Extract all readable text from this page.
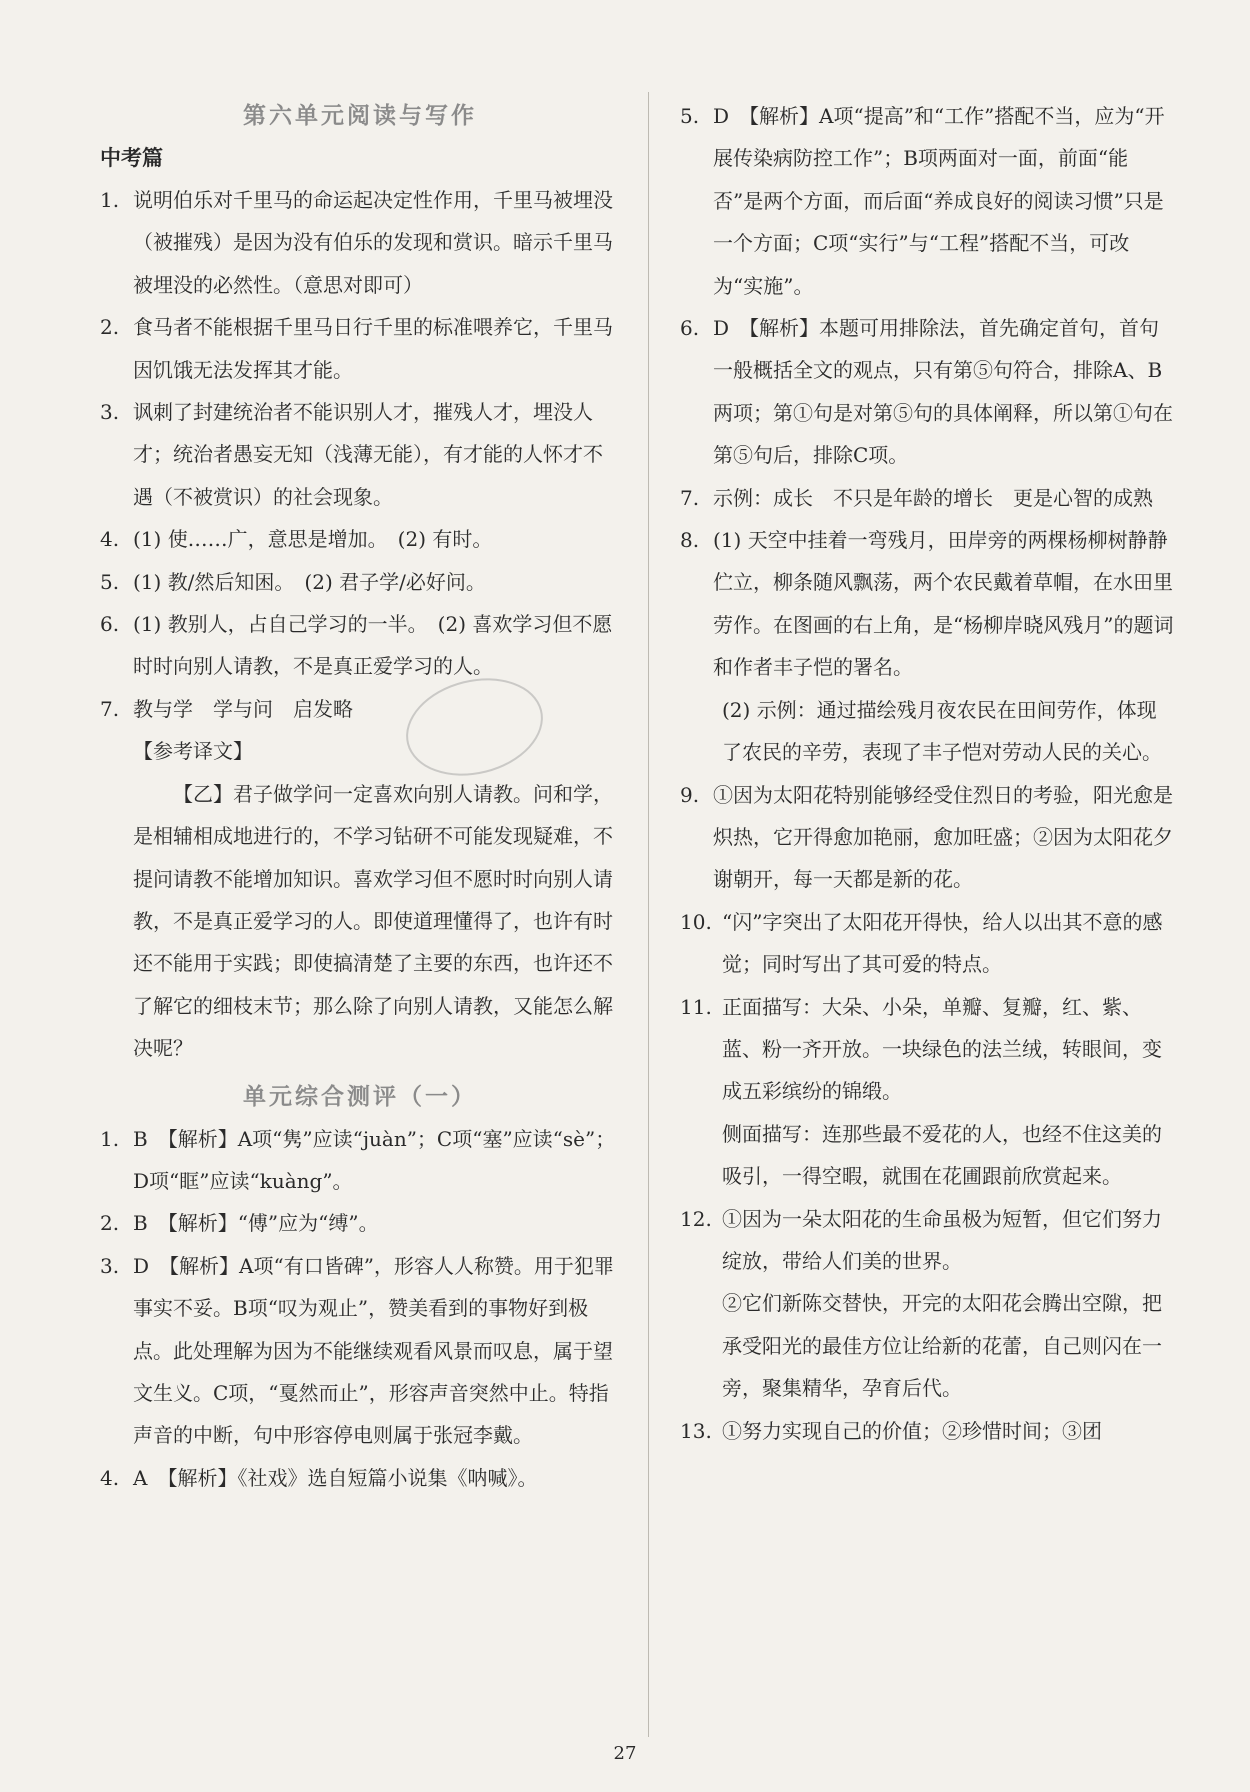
第六单元阅读与写作
中考篇
1. 说明伯乐对千里马的命运起决定性作用，千里马被埋没（被摧残）是因为没有伯乐的发现和赏识。暗示千里马被埋没的必然性。（意思对即可）
2. 食马者不能根据千里马日行千里的标准喂养它，千里马因饥饿无法发挥其才能。
3. 讽刺了封建统治者不能识别人才，摧残人才，埋没人才；统治者愚妄无知（浅薄无能），有才能的人怀才不遇（不被赏识）的社会现象。
4. (1) 使……广，意思是增加。　(2) 有时。
5. (1) 教/然后知困。　(2) 君子学/必好问。
6. (1) 教别人，占自己学习的一半。　(2) 喜欢学习但不愿时时向别人请教，不是真正爱学习的人。
7. 教与学　学与问　启发略
【参考译文】
【乙】君子做学问一定喜欢向别人请教。问和学，是相辅相成地进行的，不学习钻研不可能发现疑难，不提问请教不能增加知识。喜欢学习但不愿时时向别人请教，不是真正爱学习的人。即使道理懂得了，也许有时还不能用于实践；即使搞清楚了主要的东西，也许还不了解它的细枝末节；那么除了向别人请教，又能怎么解决呢？
单元综合测评（一）
1. B　【解析】A项“隽”应读“juàn”；C项“塞”应读“sè”；D项“眶”应读“kuàng”。
2. B　【解析】“傅”应为“缚”。
3. D　【解析】A项“有口皆碑”，形容人人称赞。用于犯罪事实不妥。B项“叹为观止”，赞美看到的事物好到极点。此处理解为因为不能继续观看风景而叹息，属于望文生义。C项，“戛然而止”，形容声音突然中止。特指声音的中断，句中形容停电则属于张冠李戴。
4. A　【解析】《社戏》选自短篇小说集《呐喊》。
5. D　【解析】A项“提高”和“工作”搭配不当，应为“开展传染病防控工作”；B项两面对一面，前面“能否”是两个方面，而后面“养成良好的阅读习惯”只是一个方面；C项“实行”与“工程”搭配不当，可改为“实施”。
6. D　【解析】本题可用排除法，首先确定首句，首句一般概括全文的观点，只有第⑤句符合，排除A、B两项；第①句是对第⑤句的具体阐释，所以第①句在第⑤句后，排除C项。
7. 示例：成长　不只是年龄的增长　更是心智的成熟
8. (1) 天空中挂着一弯残月，田岸旁的两棵杨柳树静静伫立，柳条随风飘荡，两个农民戴着草帽，在水田里劳作。在图画的右上角，是“杨柳岸晓风残月”的题词和作者丰子恺的署名。
(2) 示例：通过描绘残月夜农民在田间劳作，体现了农民的辛劳，表现了丰子恺对劳动人民的关心。
9. ①因为太阳花特别能够经受住烈日的考验，阳光愈是炽热，它开得愈加艳丽，愈加旺盛；②因为太阳花夕谢朝开，每一天都是新的花。
10. “闪”字突出了太阳花开得快，给人以出其不意的感觉；同时写出了其可爱的特点。
11. 正面描写：大朵、小朵，单瓣、复瓣，红、紫、蓝、粉一齐开放。一块绿色的法兰绒，转眼间，变成五彩缤纷的锦缎。
侧面描写：连那些最不爱花的人，也经不住这美的吸引，一得空暇，就围在花圃跟前欣赏起来。
12. ①因为一朵太阳花的生命虽极为短暂，但它们努力绽放，带给人们美的世界。
②它们新陈交替快，开完的太阳花会腾出空隙，把承受阳光的最佳方位让给新的花蕾，自己则闪在一旁，聚集精华，孕育后代。
13. ①努力实现自己的价值；②珍惜时间；③团
27
